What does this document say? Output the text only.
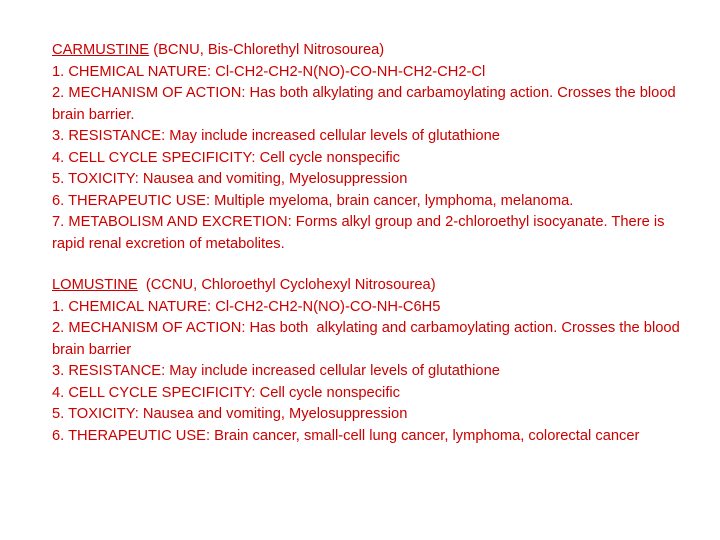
CARMUSTINE (BCNU, Bis-Chlorethyl Nitrosourea)
1. CHEMICAL NATURE: Cl-CH2-CH2-N(NO)-CO-NH-CH2-CH2-Cl
2. MECHANISM OF ACTION: Has both alkylating and carbamoylating action. Crosses the blood brain barrier.
3. RESISTANCE: May include increased cellular levels of glutathione
4. CELL CYCLE SPECIFICITY: Cell cycle nonspecific
5. TOXICITY: Nausea and vomiting, Myelosuppression
6. THERAPEUTIC USE: Multiple myeloma, brain cancer, lymphoma, melanoma.
7. METABOLISM AND EXCRETION: Forms alkyl group and 2-chloroethyl isocyanate. There is rapid renal excretion of metabolites.
LOMUSTINE  (CCNU, Chloroethyl Cyclohexyl Nitrosourea)
1. CHEMICAL NATURE: Cl-CH2-CH2-N(NO)-CO-NH-C6H5
2. MECHANISM OF ACTION: Has both  alkylating and carbamoylating action. Crosses the blood brain barrier
3. RESISTANCE: May include increased cellular levels of glutathione
4. CELL CYCLE SPECIFICITY: Cell cycle nonspecific
5. TOXICITY: Nausea and vomiting, Myelosuppression
6. THERAPEUTIC USE: Brain cancer, small-cell lung cancer, lymphoma, colorectal cancer
